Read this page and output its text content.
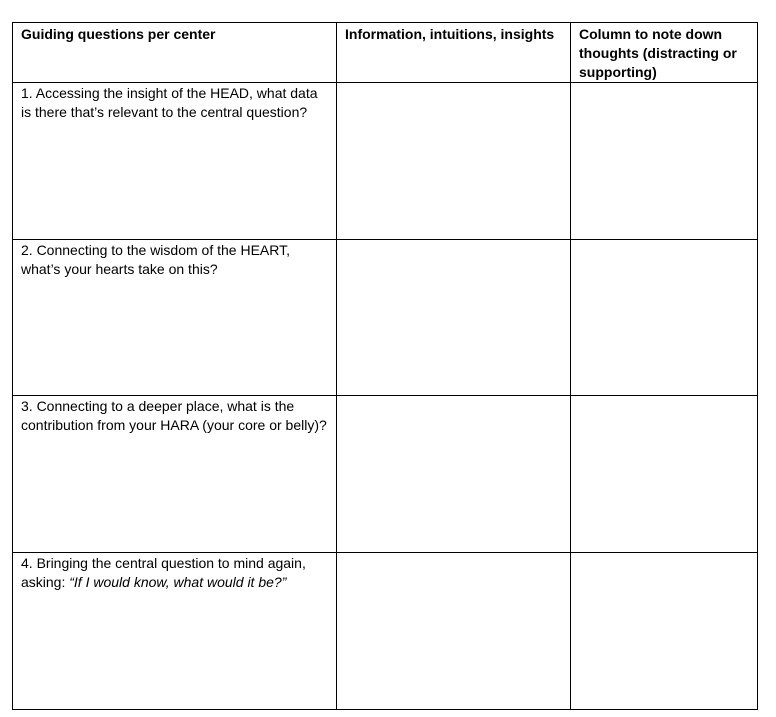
Guiding questions per center	Information, intuitions, insights	Column to note down thoughts (distracting or supporting)
1. Accessing the insight of the HEAD, what data is there that’s relevant to the central question?		
2. Connecting to the wisdom of the HEART, what’s your hearts take on this?		
3. Connecting to a deeper place, what is the contribution from your HARA (your core or belly)?		
4. Bringing the central question to mind again, asking: “If I would know, what would it be?”		
